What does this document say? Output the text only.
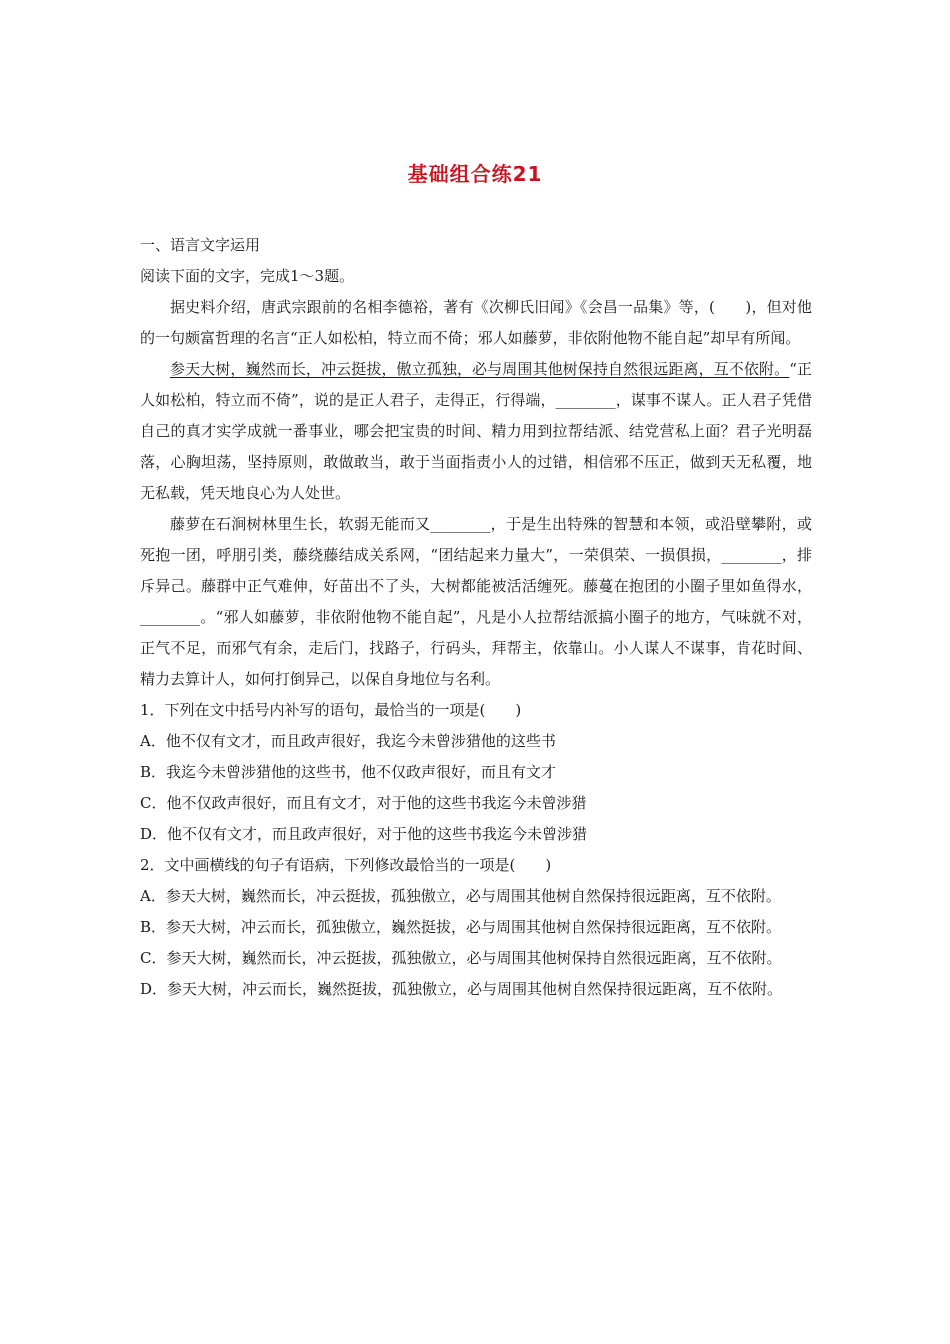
基础组合练21
一、语言文字运用
阅读下面的文字，完成1～3题。
据史料介绍，唐武宗跟前的名相李德裕，著有《次柳氏旧闻》《会昌一品集》等，(　　)，但对他的一句颇富哲理的名言“正人如松柏，特立而不倚；邪人如藤萝，非依附他物不能自起”却早有所闻。
参天大树，巍然而长，冲云挺拔，傲立孤独，必与周围其他树保持自然很远距离，互不依附。“正人如松柏，特立而不倚”，说的是正人君子，走得正，行得端，________，谋事不谋人。正人君子凭借自己的真才实学成就一番事业，哪会把宝贵的时间、精力用到拉帮结派、结党营私上面？君子光明磊落，心胸坦荡，坚持原则，敢做敢当，敢于当面指责小人的过错，相信邪不压正，做到天无私覆，地无私载，凭天地良心为人处世。
藤萝在石涧树林里生长，软弱无能而又________，于是生出特殊的智慧和本领，或沿壁攀附，或死抱一团，呼朋引类，藤绕藤结成关系网，“团结起来力量大”，一荣俱荣、一损俱损，________，排斥异己。藤群中正气难伸，好苗出不了头，大树都能被活活缠死。藤蔓在抱团的小圈子里如鱼得水，________。“邪人如藤萝，非依附他物不能自起”，凡是小人拉帮结派搞小圈子的地方，气味就不对，正气不足，而邪气有余，走后门，找路子，行码头，拜帮主，依靠山。小人谋人不谋事，肯花时间、精力去算计人，如何打倒异己，以保自身地位与名利。
1．下列在文中括号内补写的语句，最恰当的一项是(　　)
A．他不仅有文才，而且政声很好，我迄今未曾涉猎他的这些书
B．我迄今未曾涉猎他的这些书，他不仅政声很好，而且有文才
C．他不仅政声很好，而且有文才，对于他的这些书我迄今未曾涉猎
D．他不仅有文才，而且政声很好，对于他的这些书我迄今未曾涉猎
2．文中画横线的句子有语病，下列修改最恰当的一项是(　　)
A．参天大树，巍然而长，冲云挺拔，孤独傲立，必与周围其他树自然保持很远距离，互不依附。
B．参天大树，冲云而长，孤独傲立，巍然挺拔，必与周围其他树自然保持很远距离，互不依附。
C．参天大树，巍然而长，冲云挺拔，孤独傲立，必与周围其他树保持自然很远距离，互不依附。
D．参天大树，冲云而长，巍然挺拔，孤独傲立，必与周围其他树自然保持很远距离，互不依附。
